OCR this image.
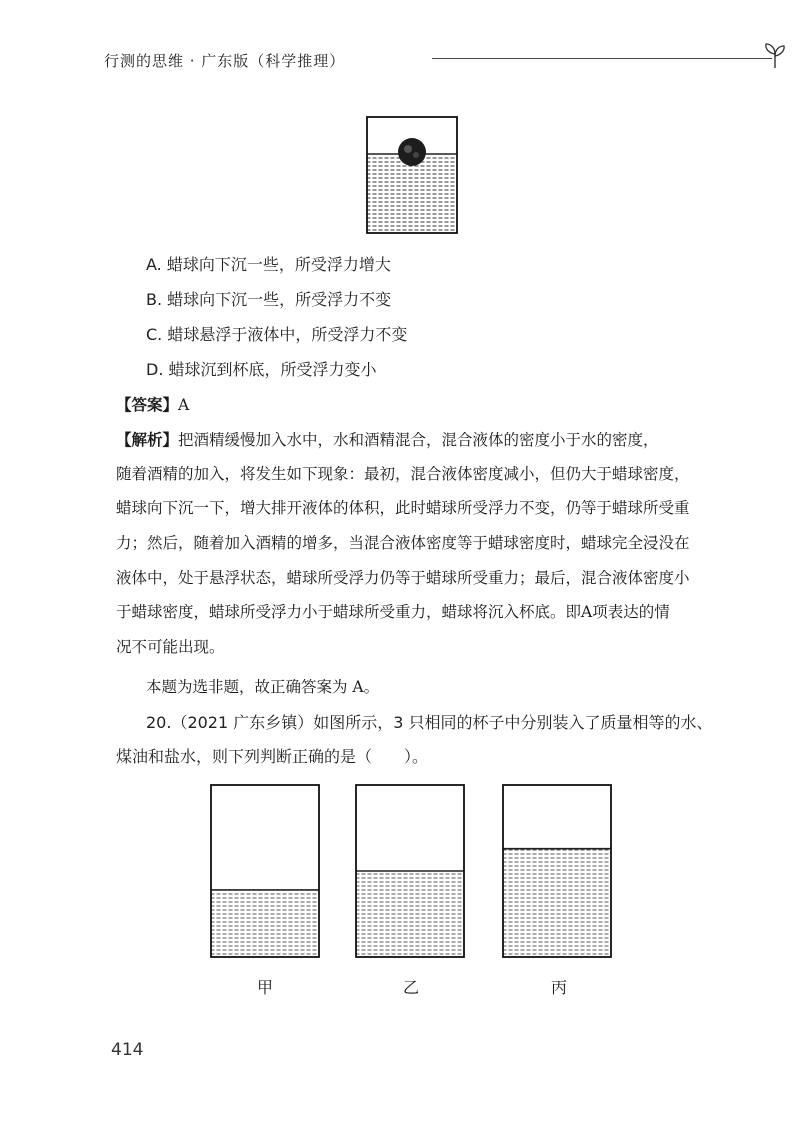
行测的思维 · 广东版（科学推理）
A. 蜡球向下沉一些，所受浮力增大
B. 蜡球向下沉一些，所受浮力不变
C. 蜡球悬浮于液体中，所受浮力不变
D. 蜡球沉到杯底，所受浮力变小
【答案】A
【解析】把酒精缓慢加入水中，水和酒精混合，混合液体的密度小于水的密度，
随着酒精的加入，将发生如下现象：最初，混合液体密度减小，但仍大于蜡球密度，
蜡球向下沉一下，增大排开液体的体积，此时蜡球所受浮力不变，仍等于蜡球所受重
力；然后，随着加入酒精的增多，当混合液体密度等于蜡球密度时，蜡球完全浸没在
液体中，处于悬浮状态，蜡球所受浮力仍等于蜡球所受重力；最后，混合液体密度小
于蜡球密度，蜡球所受浮力小于蜡球所受重力，蜡球将沉入杯底。即A项表达的情
况不可能出现。
本题为选非题，故正确答案为 A。
20.（2021 广东乡镇）如图所示，3 只相同的杯子中分别装入了质量相等的水、
煤油和盐水，则下列判断正确的是（　　）。
甲	乙	丙
414
